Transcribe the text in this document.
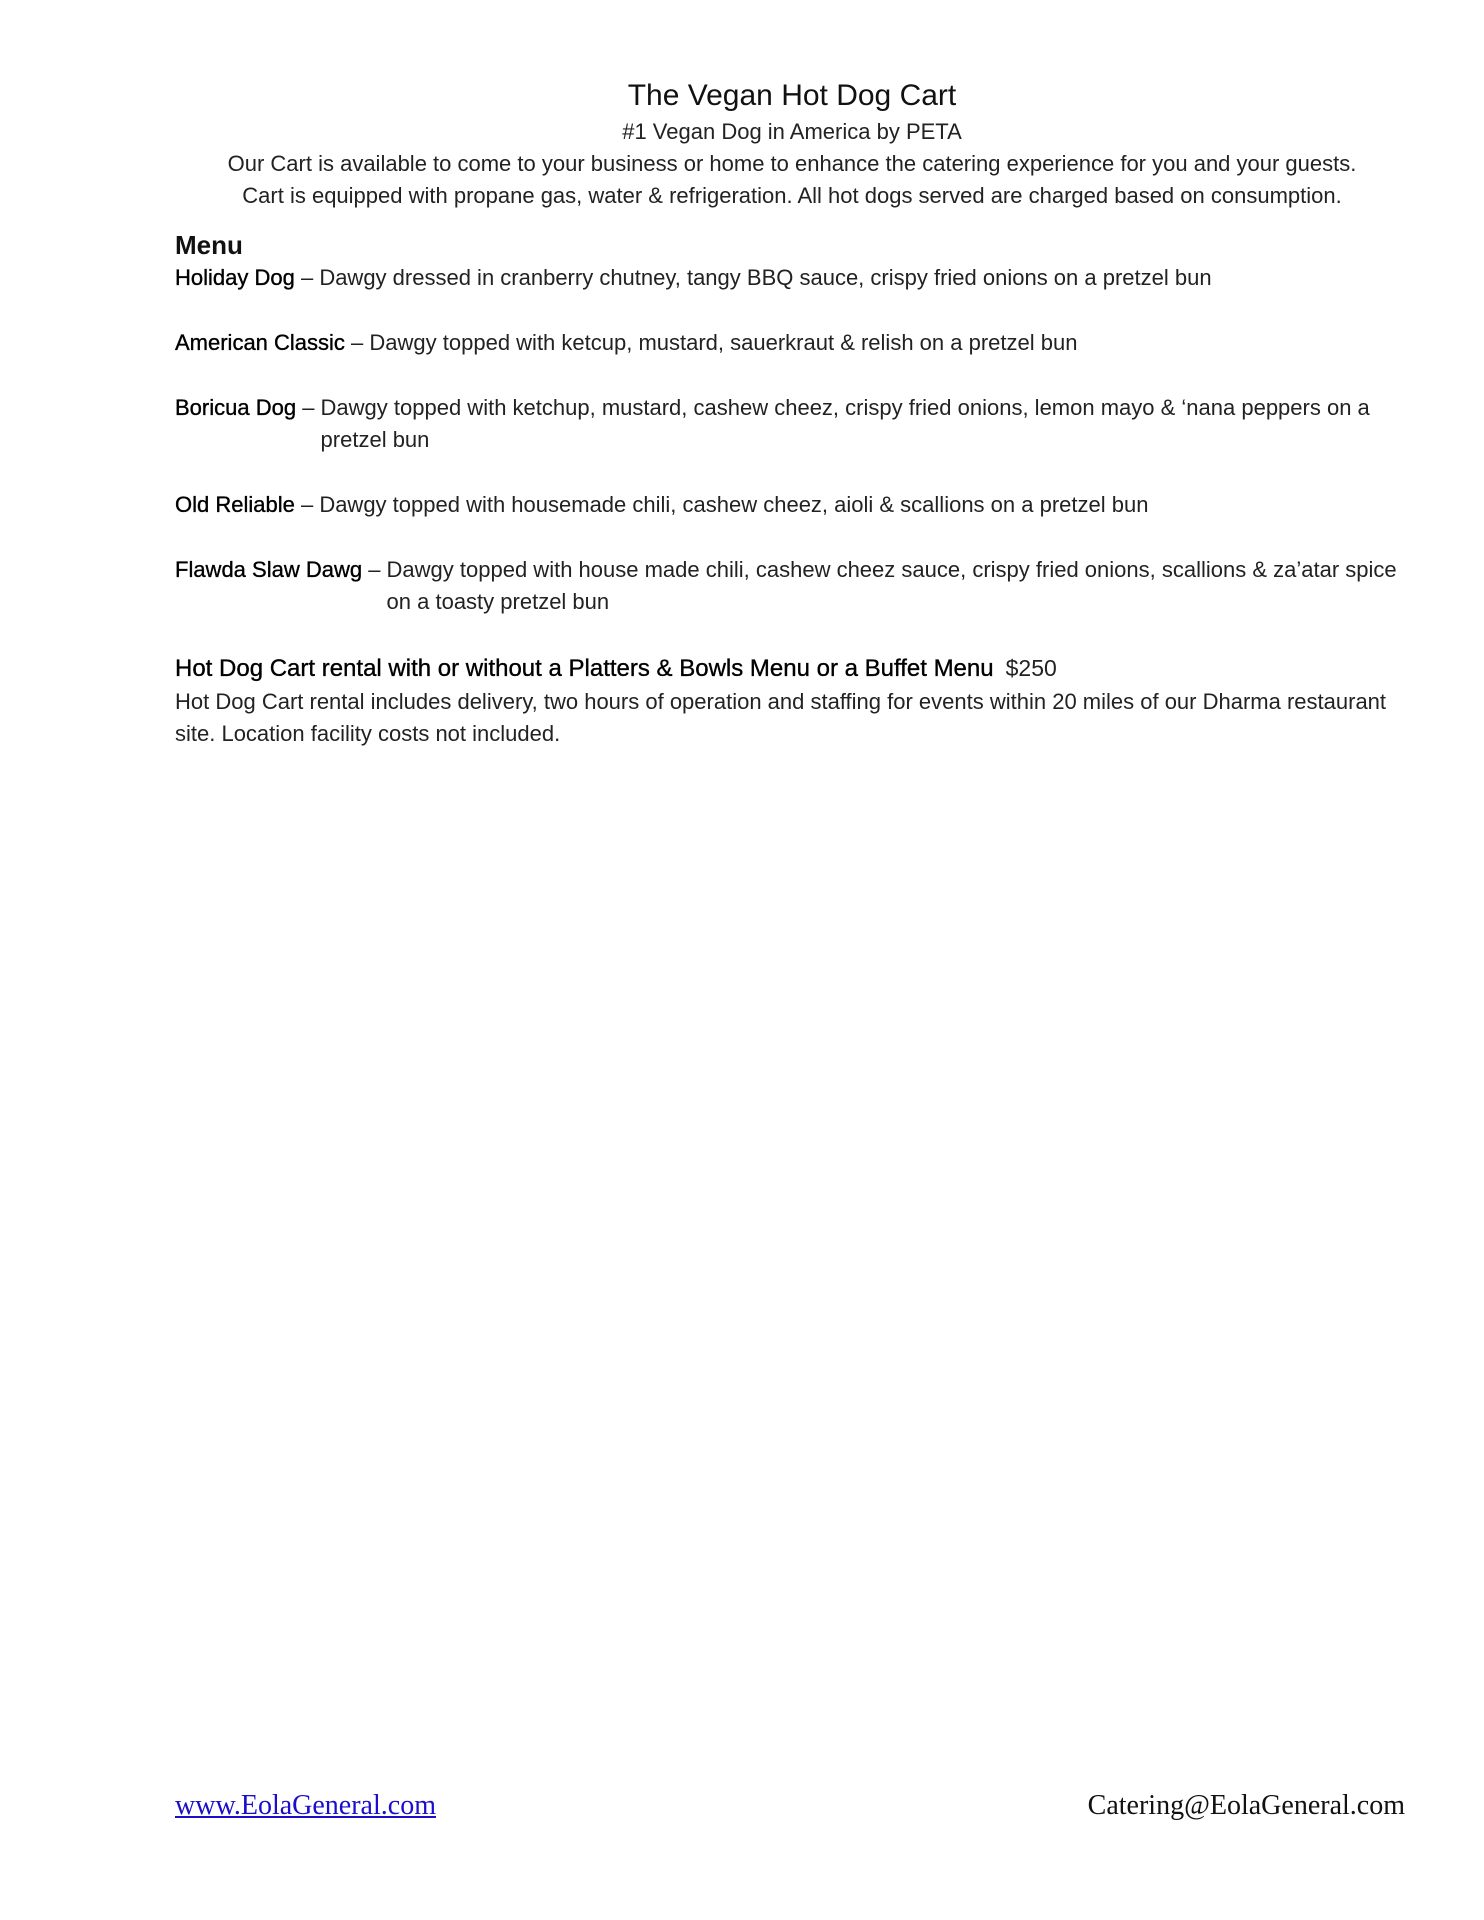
The Vegan Hot Dog Cart

#1 Vegan Dog in America by PETA

Our Cart is available to come to your business or home to enhance the catering experience for you and your guests.

Cart is equipped with propane gas, water & refrigeration. All hot dogs served are charged based on consumption.

Menu
Holiday Dog – Dawgy dressed in cranberry chutney, tangy BBQ sauce, crispy fried onions on a pretzel bun
American Classic – Dawgy topped with ketcup, mustard, sauerkraut & relish on a pretzel bun
Boricua Dog – Dawgy topped with ketchup, mustard, cashew cheez, crispy fried onions, lemon mayo & ‘nana peppers on a pretzel bun
Old Reliable – Dawgy topped with housemade chili, cashew cheez, aioli & scallions on a pretzel bun
Flawda Slaw Dawg – Dawgy topped with house made chili, cashew cheez sauce, crispy fried onions, scallions & za’atar spice on a toasty pretzel bun

Hot Dog Cart rental with or without a Platters & Bowls Menu or a Buffet Menu $250

Hot Dog Cart rental includes delivery, two hours of operation and staffing for events within 20 miles of our Dharma restaurant site. Location facility costs not included.

www.EolaGeneral.com	Catering@EolaGeneral.com
